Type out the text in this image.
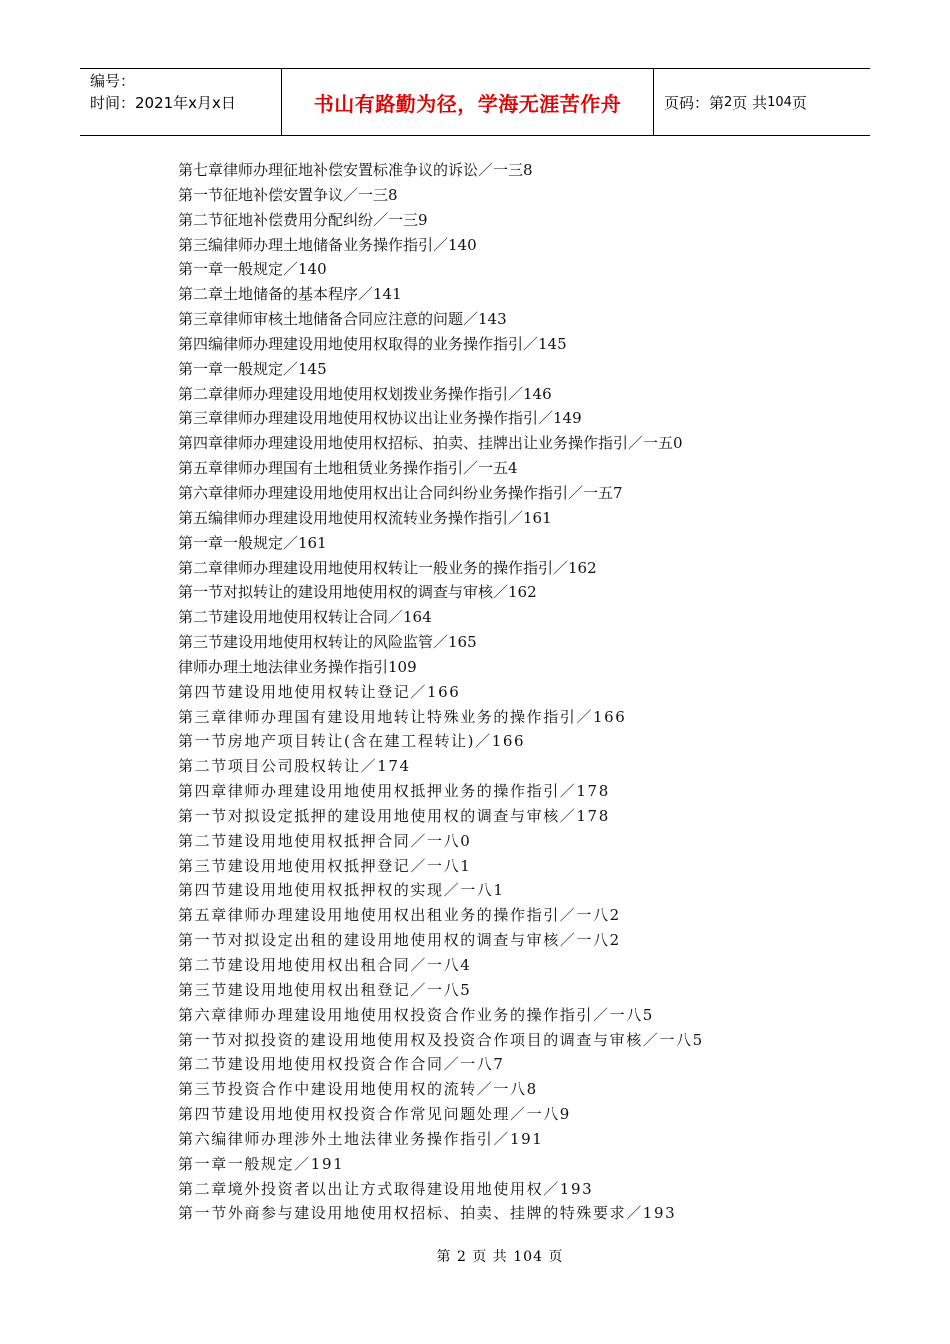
编号：
时间：2021年x月x日	书山有路勤为径，学海无涯苦作舟	页码：第 2 页 共 104 页
第七章律师办理征地补偿安置标准争议的诉讼／一三8
第一节征地补偿安置争议／一三8
第二节征地补偿费用分配纠纷／一三9
第三编律师办理土地储备业务操作指引／140
第一章一般规定／140
第二章土地储备的基本程序／141
第三章律师审核土地储备合同应注意的问题／143
第四编律师办理建设用地使用权取得的业务操作指引／145
第一章一般规定／145
第二章律师办理建设用地使用权划拨业务操作指引／146
第三章律师办理建设用地使用权协议出让业务操作指引／149
第四章律师办理建设用地使用权招标、拍卖、挂牌出让业务操作指引／一五0
第五章律师办理国有土地租赁业务操作指引／一五4
第六章律师办理建设用地使用权出让合同纠纷业务操作指引／一五7
第五编律师办理建设用地使用权流转业务操作指引／161
第一章一般规定／161
第二章律师办理建设用地使用权转让一般业务的操作指引／162
第一节对拟转让的建设用地使用权的调查与审核／162
第二节建设用地使用权转让合同／164
第三节建设用地使用权转让的风险监管／165
律师办理土地法律业务操作指引109
第四节建设用地使用权转让登记／166
第三章律师办理国有建设用地转让特殊业务的操作指引／166
第一节房地产项目转让(含在建工程转让)／166
第二节项目公司股权转让／174
第四章律师办理建设用地使用权抵押业务的操作指引／178
第一节对拟设定抵押的建设用地使用权的调查与审核／178
第二节建设用地使用权抵押合同／一八0
第三节建设用地使用权抵押登记／一八1
第四节建设用地使用权抵押权的实现／一八1
第五章律师办理建设用地使用权出租业务的操作指引／一八2
第一节对拟设定出租的建设用地使用权的调查与审核／一八2
第二节建设用地使用权出租合同／一八4
第三节建设用地使用权出租登记／一八5
第六章律师办理建设用地使用权投资合作业务的操作指引／一八5
第一节对拟投资的建设用地使用权及投资合作项目的调查与审核／一八5
第二节建设用地使用权投资合作合同／一八7
第三节投资合作中建设用地使用权的流转／一八8
第四节建设用地使用权投资合作常见问题处理／一八9
第六编律师办理涉外土地法律业务操作指引／191
第一章一般规定／191
第二章境外投资者以出让方式取得建设用地使用权／193
第一节外商参与建设用地使用权招标、拍卖、挂牌的特殊要求／193
第 2 页 共 104 页
